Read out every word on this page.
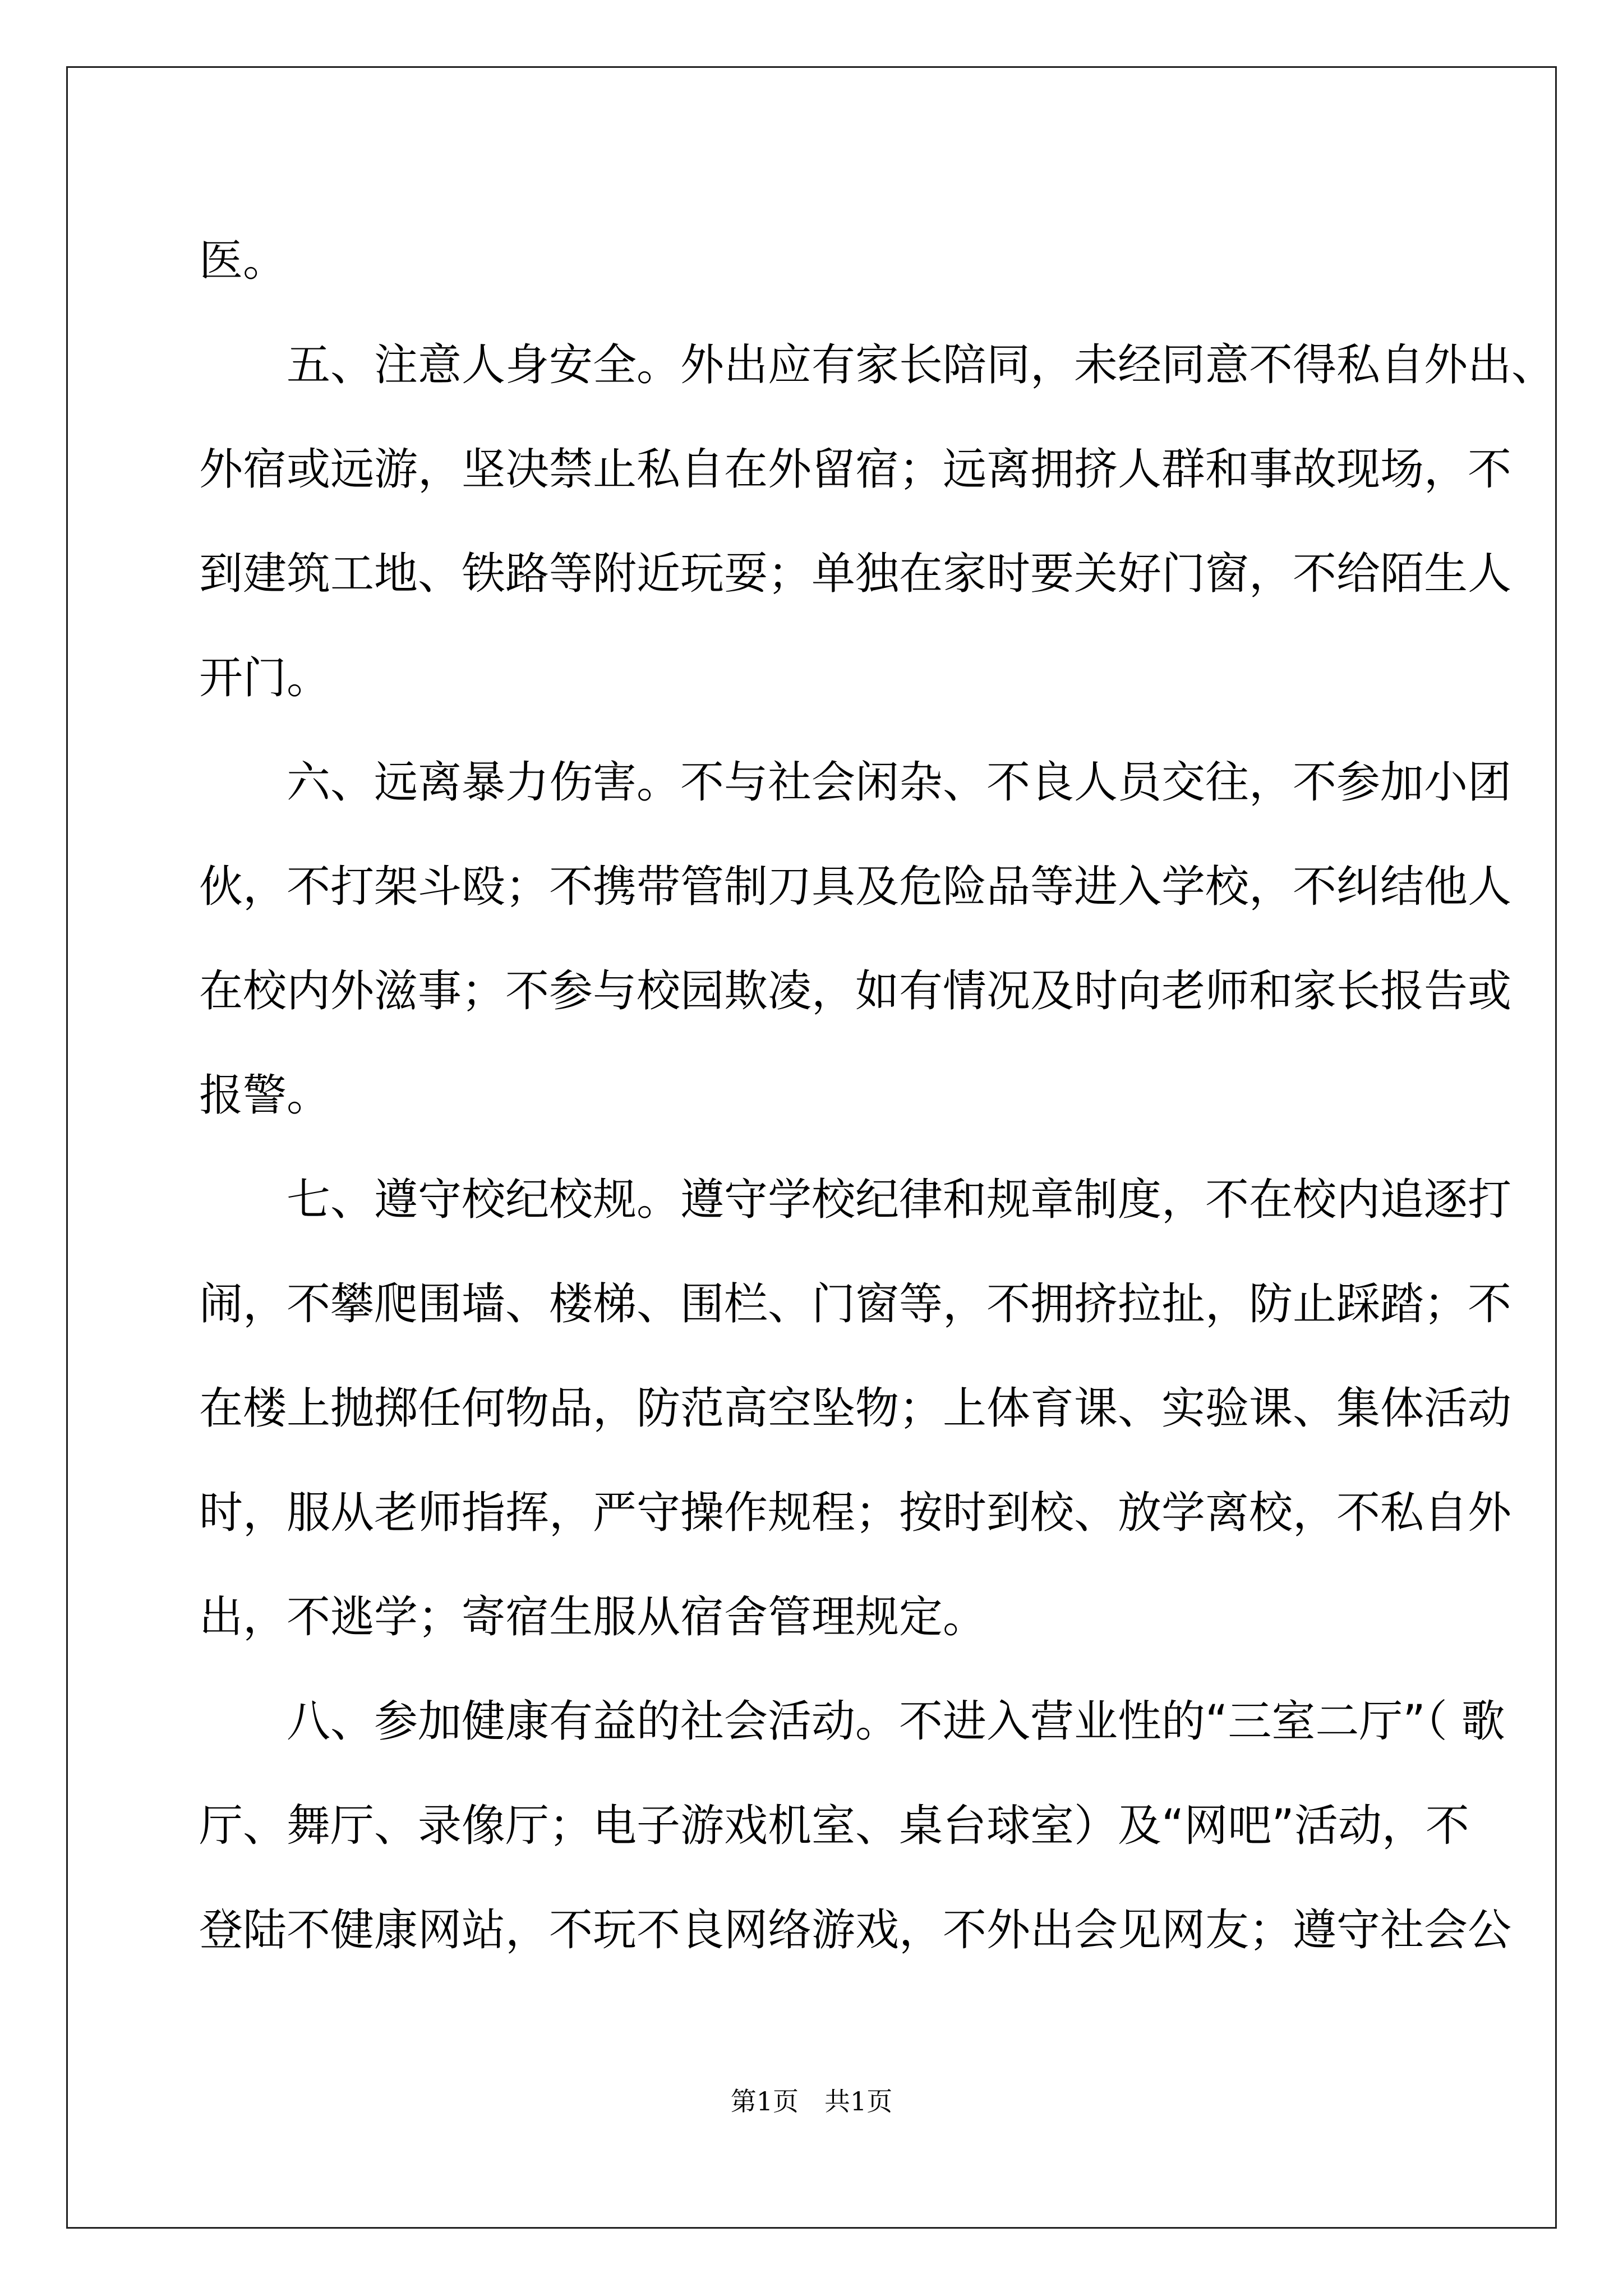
医。
　　五、注意人身安全。外出应有家长陪同，未经同意不得私自外出、
外宿或远游，坚决禁止私自在外留宿；远离拥挤人群和事故现场，不
到建筑工地、铁路等附近玩耍；单独在家时要关好门窗，不给陌生人
开门。
　　六、远离暴力伤害。不与社会闲杂、不良人员交往，不参加小团
伙，不打架斗殴；不携带管制刀具及危险品等进入学校，不纠结他人
在校内外滋事；不参与校园欺凌，如有情况及时向老师和家长报告或
报警。
　　七、遵守校纪校规。遵守学校纪律和规章制度，不在校内追逐打
闹，不攀爬围墙、楼梯、围栏、门窗等，不拥挤拉扯，防止踩踏；不
在楼上抛掷任何物品，防范高空坠物；上体育课、实验课、集体活动
时，服从老师指挥，严守操作规程；按时到校、放学离校，不私自外
出，不逃学；寄宿生服从宿舍管理规定。
　　八、参加健康有益的社会活动。不进入营业性的“三室二厅”（ 歌
厅、舞厅、录像厅；电子游戏机室、桌台球室）及“网吧”活动，不
登陆不健康网站，不玩不良网络游戏，不外出会见网友；遵守社会公
第1页　共1页
